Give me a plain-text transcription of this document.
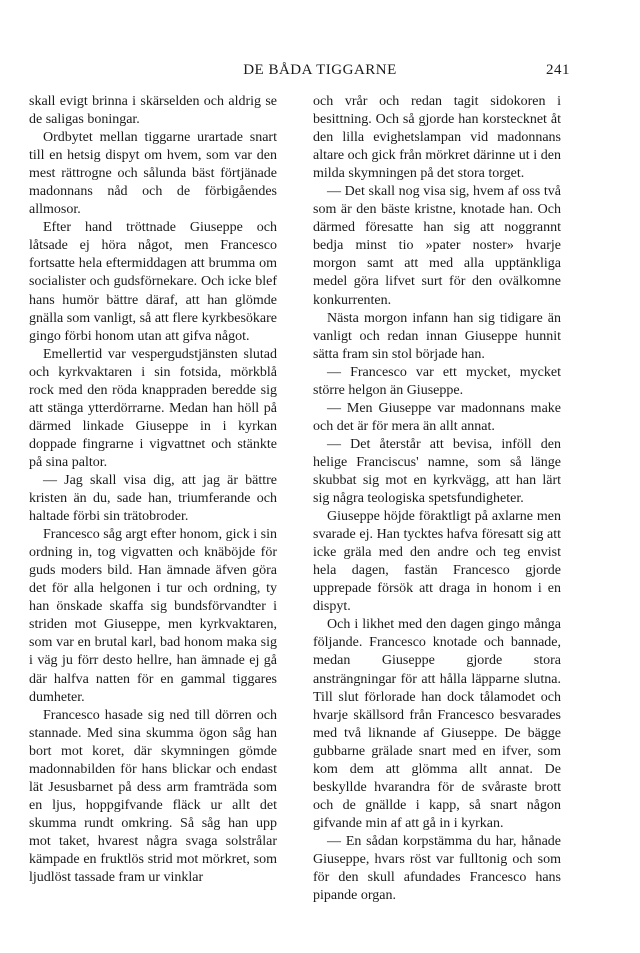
DE BÅDA TIGGARNE	241

skall evigt brinna i skärselden och aldrig se de saligas boningar.

Ordbytet mellan tiggarne urartade snart till en hetsig dispyt om hvem, som var den mest rättrogne och sålunda bäst förtjänade madonnans nåd och de förbigåendes allmosor.

Efter hand tröttnade Giuseppe och låtsade ej höra något, men Francesco fortsatte hela eftermiddagen att brumma om socialister och gudsförnekare. Och icke blef hans humör bättre däraf, att han glömde gnälla som vanligt, så att flere kyrkbesökare gingo förbi honom utan att gifva något.

Emellertid var vespergudstjänsten slutad och kyrkvaktaren i sin fotsida, mörkblå rock med den röda knappraden beredde sig att stänga ytterdörrarne. Medan han höll på därmed linkade Giuseppe in i kyrkan doppade fingrarne i vigvattnet och stänkte på sina paltor.

— Jag skall visa dig, att jag är bättre kristen än du, sade han, triumferande och haltade förbi sin trätobroder.

Francesco såg argt efter honom, gick i sin ordning in, tog vigvatten och knäböjde för guds moders bild. Han ämnade äfven göra det för alla helgonen i tur och ordning, ty han önskade skaffa sig bundsförvandter i striden mot Giuseppe, men kyrkvaktaren, som var en brutal karl, bad honom maka sig i väg ju förr desto hellre, han ämnade ej gå där halfva natten för en gammal tiggares dumheter.

Francesco hasade sig ned till dörren och stannade. Med sina skumma ögon såg han bort mot koret, där skymningen gömde madonnabilden för hans blickar och endast lät Jesusbarnet på dess arm framträda som en ljus, hoppgifvande fläck ur allt det skumma rundt omkring. Så såg han upp mot taket, hvarest några svaga solstrålar kämpade en fruktlös strid mot mörkret, som ljudlöst tassade fram ur vinklar

och vrår och redan tagit sidokoren i besittning. Och så gjorde han korstecknet åt den lilla evighetslampan vid madonnans altare och gick från mörkret därinne ut i den milda skymningen på det stora torget.

— Det skall nog visa sig, hvem af oss två som är den bäste kristne, knotade han. Och därmed föresatte han sig att noggrannt bedja minst tio »pater noster» hvarje morgon samt att med alla upptänkliga medel göra lifvet surt för den ovälkomne konkurrenten.

Nästa morgon infann han sig tidigare än vanligt och redan innan Giuseppe hunnit sätta fram sin stol började han.

— Francesco var ett mycket, mycket större helgon än Giuseppe.

— Men Giuseppe var madonnans make och det är för mera än allt annat.

— Det återstår att bevisa, inföll den helige Franciscus' namne, som så länge skubbat sig mot en kyrkvägg, att han lärt sig några teologiska spetsfundigheter.

Giuseppe höjde föraktligt på axlarne men svarade ej. Han tycktes hafva föresatt sig att icke gräla med den andre och teg envist hela dagen, fastän Francesco gjorde upprepade försök att draga in honom i en dispyt.

Och i likhet med den dagen gingo många följande. Francesco knotade och bannade, medan Giuseppe gjorde stora ansträngningar för att hålla läpparne slutna. Till slut förlorade han dock tålamodet och hvarje skällsord från Francesco besvarades med två liknande af Giuseppe. De bägge gubbarne grälade snart med en ifver, som kom dem att glömma allt annat. De beskyllde hvarandra för de svåraste brott och de gnällde i kapp, så snart någon gifvande min af att gå in i kyrkan.

— En sådan korpstämma du har, hånade Giuseppe, hvars röst var fulltonig och som för den skull afundades Francesco hans pipande organ.
